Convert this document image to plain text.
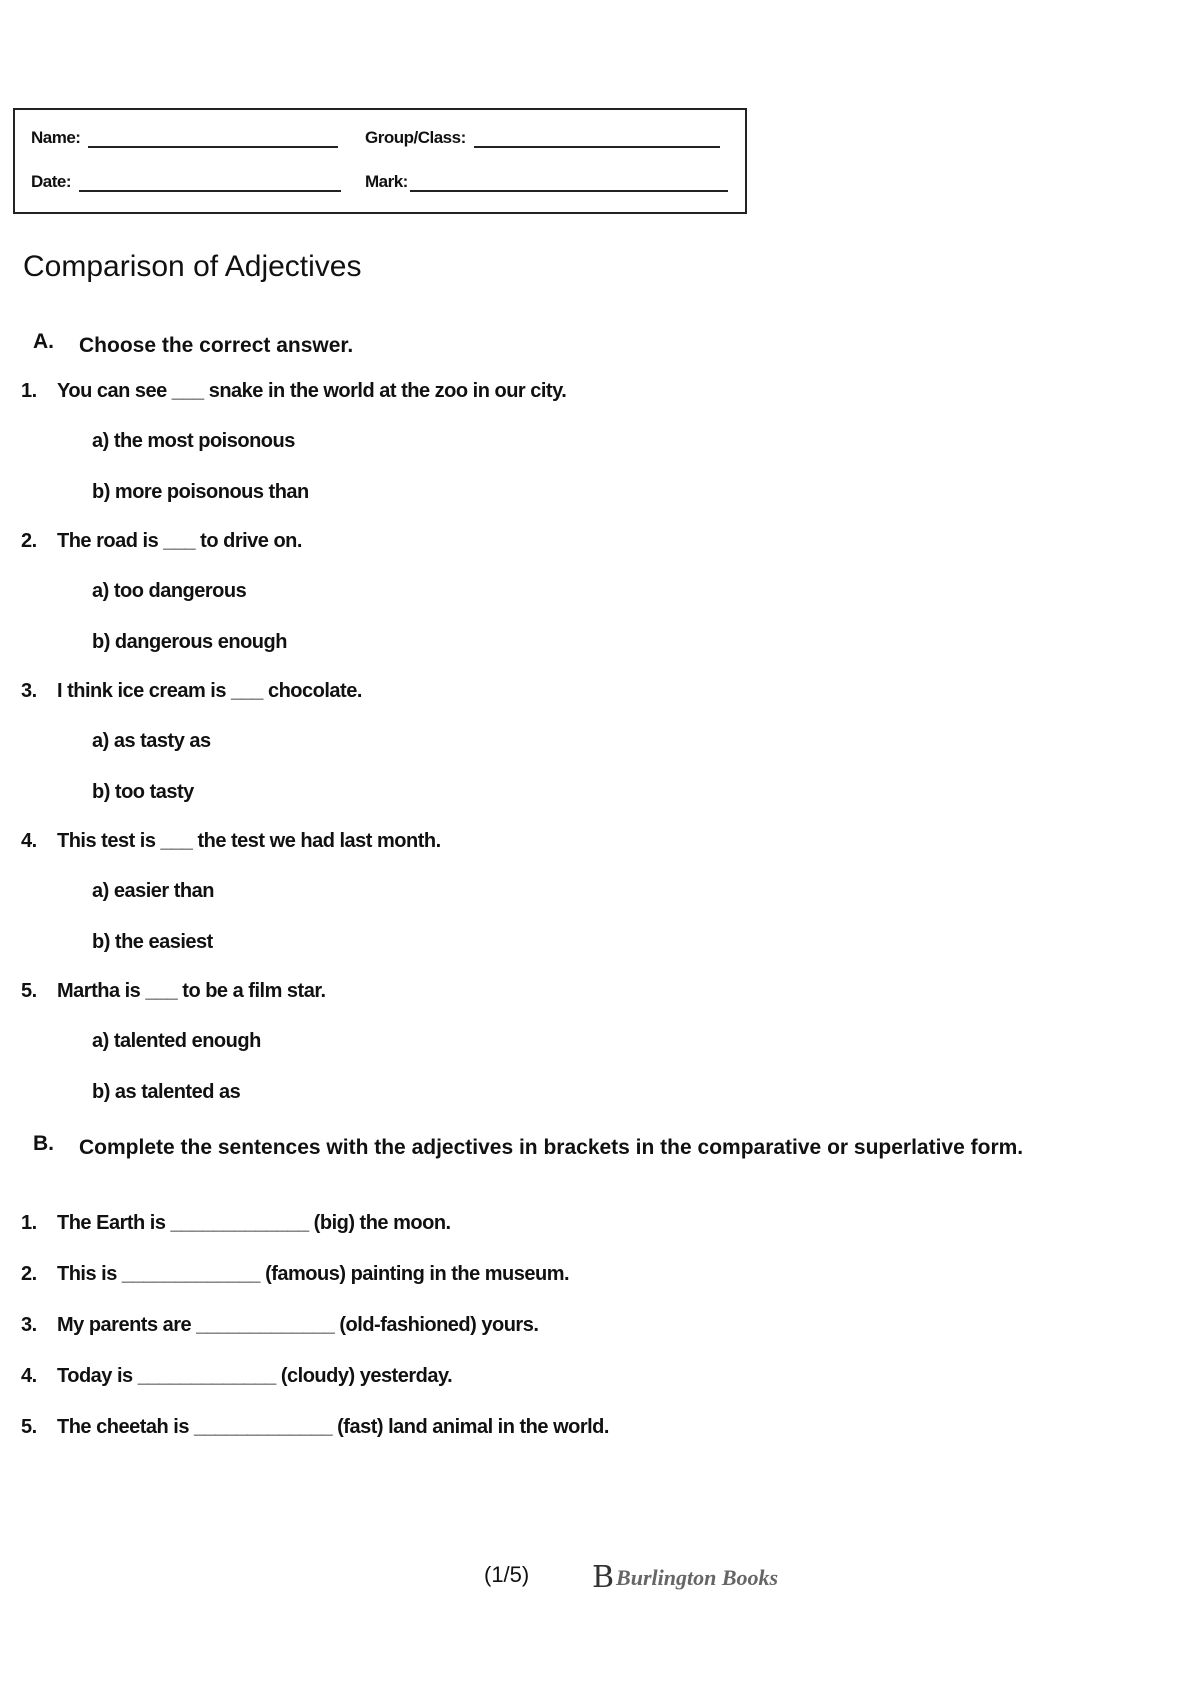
Name:	Group/Class:
Date:	Mark:
Comparison of Adjectives
A. Choose the correct answer.
1. You can see ___ snake in the world at the zoo in our city.
a) the most poisonous
b) more poisonous than
2. The road is ___ to drive on.
a) too dangerous
b) dangerous enough
3. I think ice cream is ___ chocolate.
a) as tasty as
b) too tasty
4. This test is ___ the test we had last month.
a) easier than
b) the easiest
5. Martha is ___ to be a film star.
a) talented enough
b) as talented as
B. Complete the sentences with the adjectives in brackets in the comparative or superlative form.
1. The Earth is _____________ (big) the moon.
2. This is _____________ (famous) painting in the museum.
3. My parents are _____________ (old-fashioned) yours.
4. Today is _____________ (cloudy) yesterday.
5. The cheetah is _____________ (fast) land animal in the world.
(1/5) B Burlington Books
